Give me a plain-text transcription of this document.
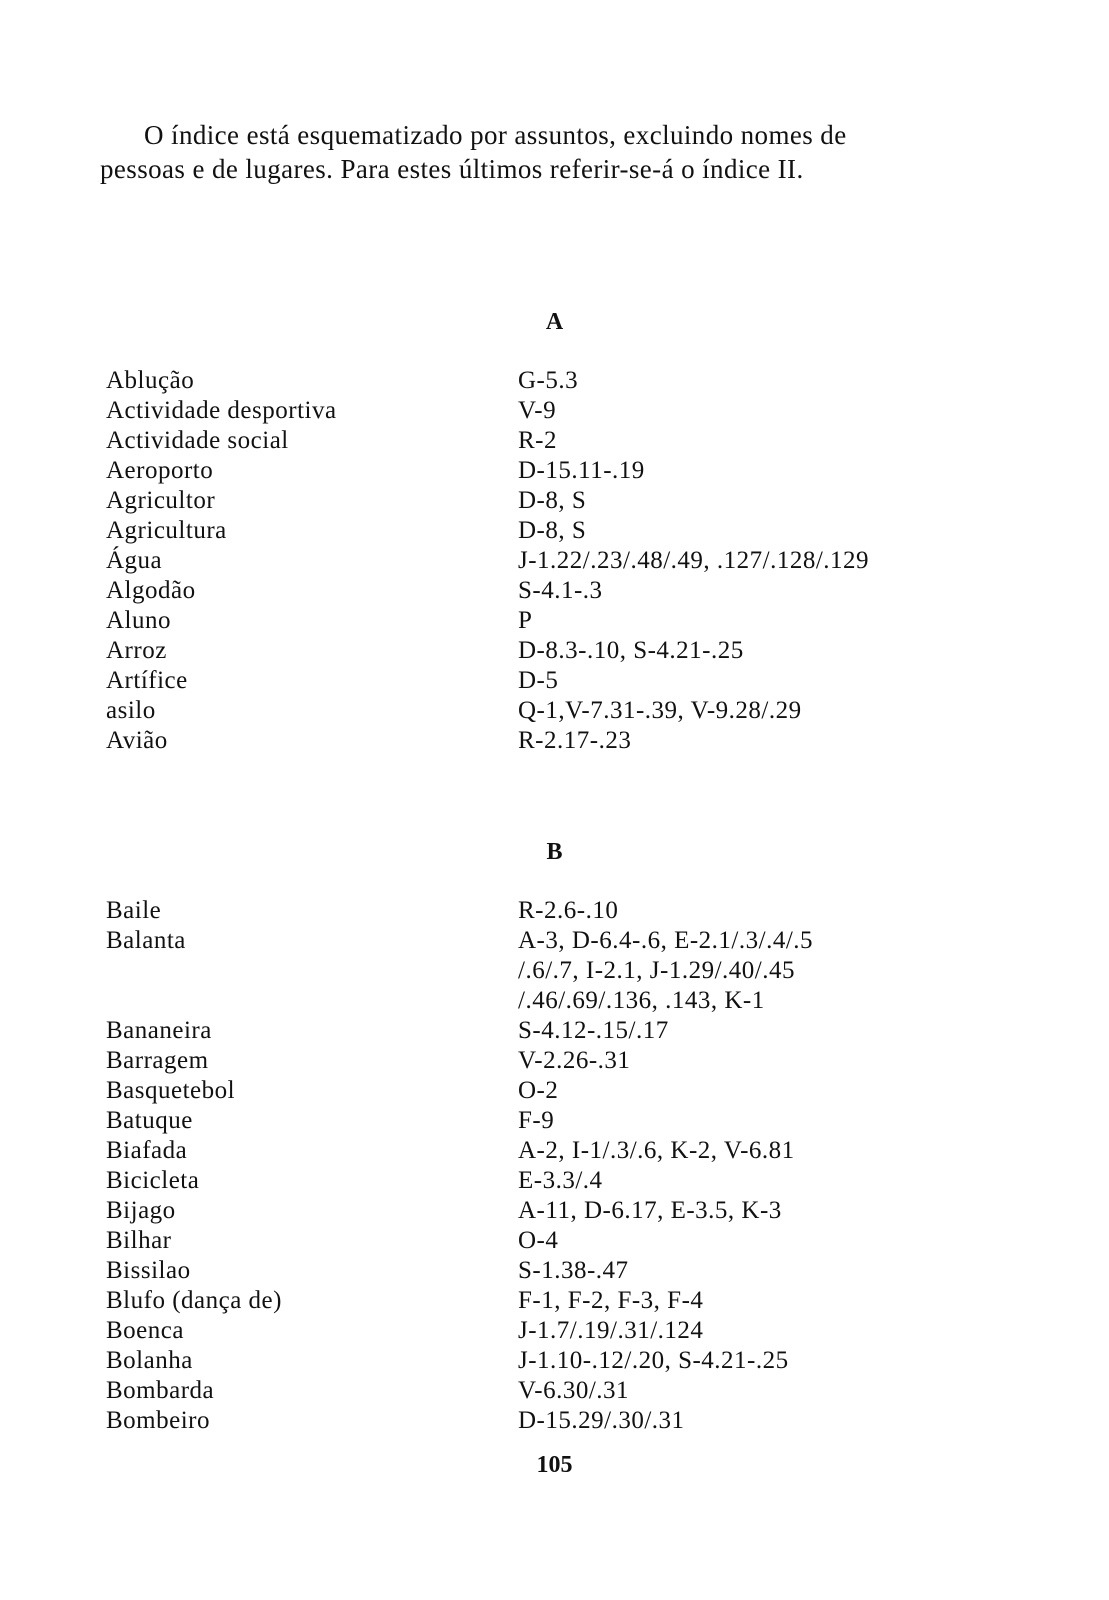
O índice está esquematizado por assuntos, excluindo nomes de

pessoas e de lugares. Para estes últimos referir-se-á o índice II.

A
Ablução	G-5.3
Actividade desportiva	V-9
Actividade social	R-2
Aeroporto	D-15.11-.19
Agricultor	D-8, S
Agricultura	D-8, S
Água	J-1.22/.23/.48/.49, .127/.128/.129
Algodão	S-4.1-.3
Aluno	P
Arroz	D-8.3-.10, S-4.21-.25
Artífice	D-5
asilo	Q-1,V-7.31-.39, V-9.28/.29
Avião	R-2.17-.23
B
Baile	R-2.6-.10
Balanta	A-3, D-6.4-.6, E-2.1/.3/.4/.5
/.6/.7, I-2.1, J-1.29/.40/.45
/.46/.69/.136, .143, K-1
Bananeira	S-4.12-.15/.17
Barragem	V-2.26-.31
Basquetebol	O-2
Batuque	F-9
Biafada	A-2, I-1/.3/.6, K-2, V-6.81
Bicicleta	E-3.3/.4
Bijago	A-11, D-6.17, E-3.5, K-3
Bilhar	O-4
Bissilao	S-1.38-.47
Blufo (dança de)	F-1, F-2, F-3, F-4
Boenca	J-1.7/.19/.31/.124
Bolanha	J-1.10-.12/.20, S-4.21-.25
Bombarda	V-6.30/.31
Bombeiro	D-15.29/.30/.31
105
